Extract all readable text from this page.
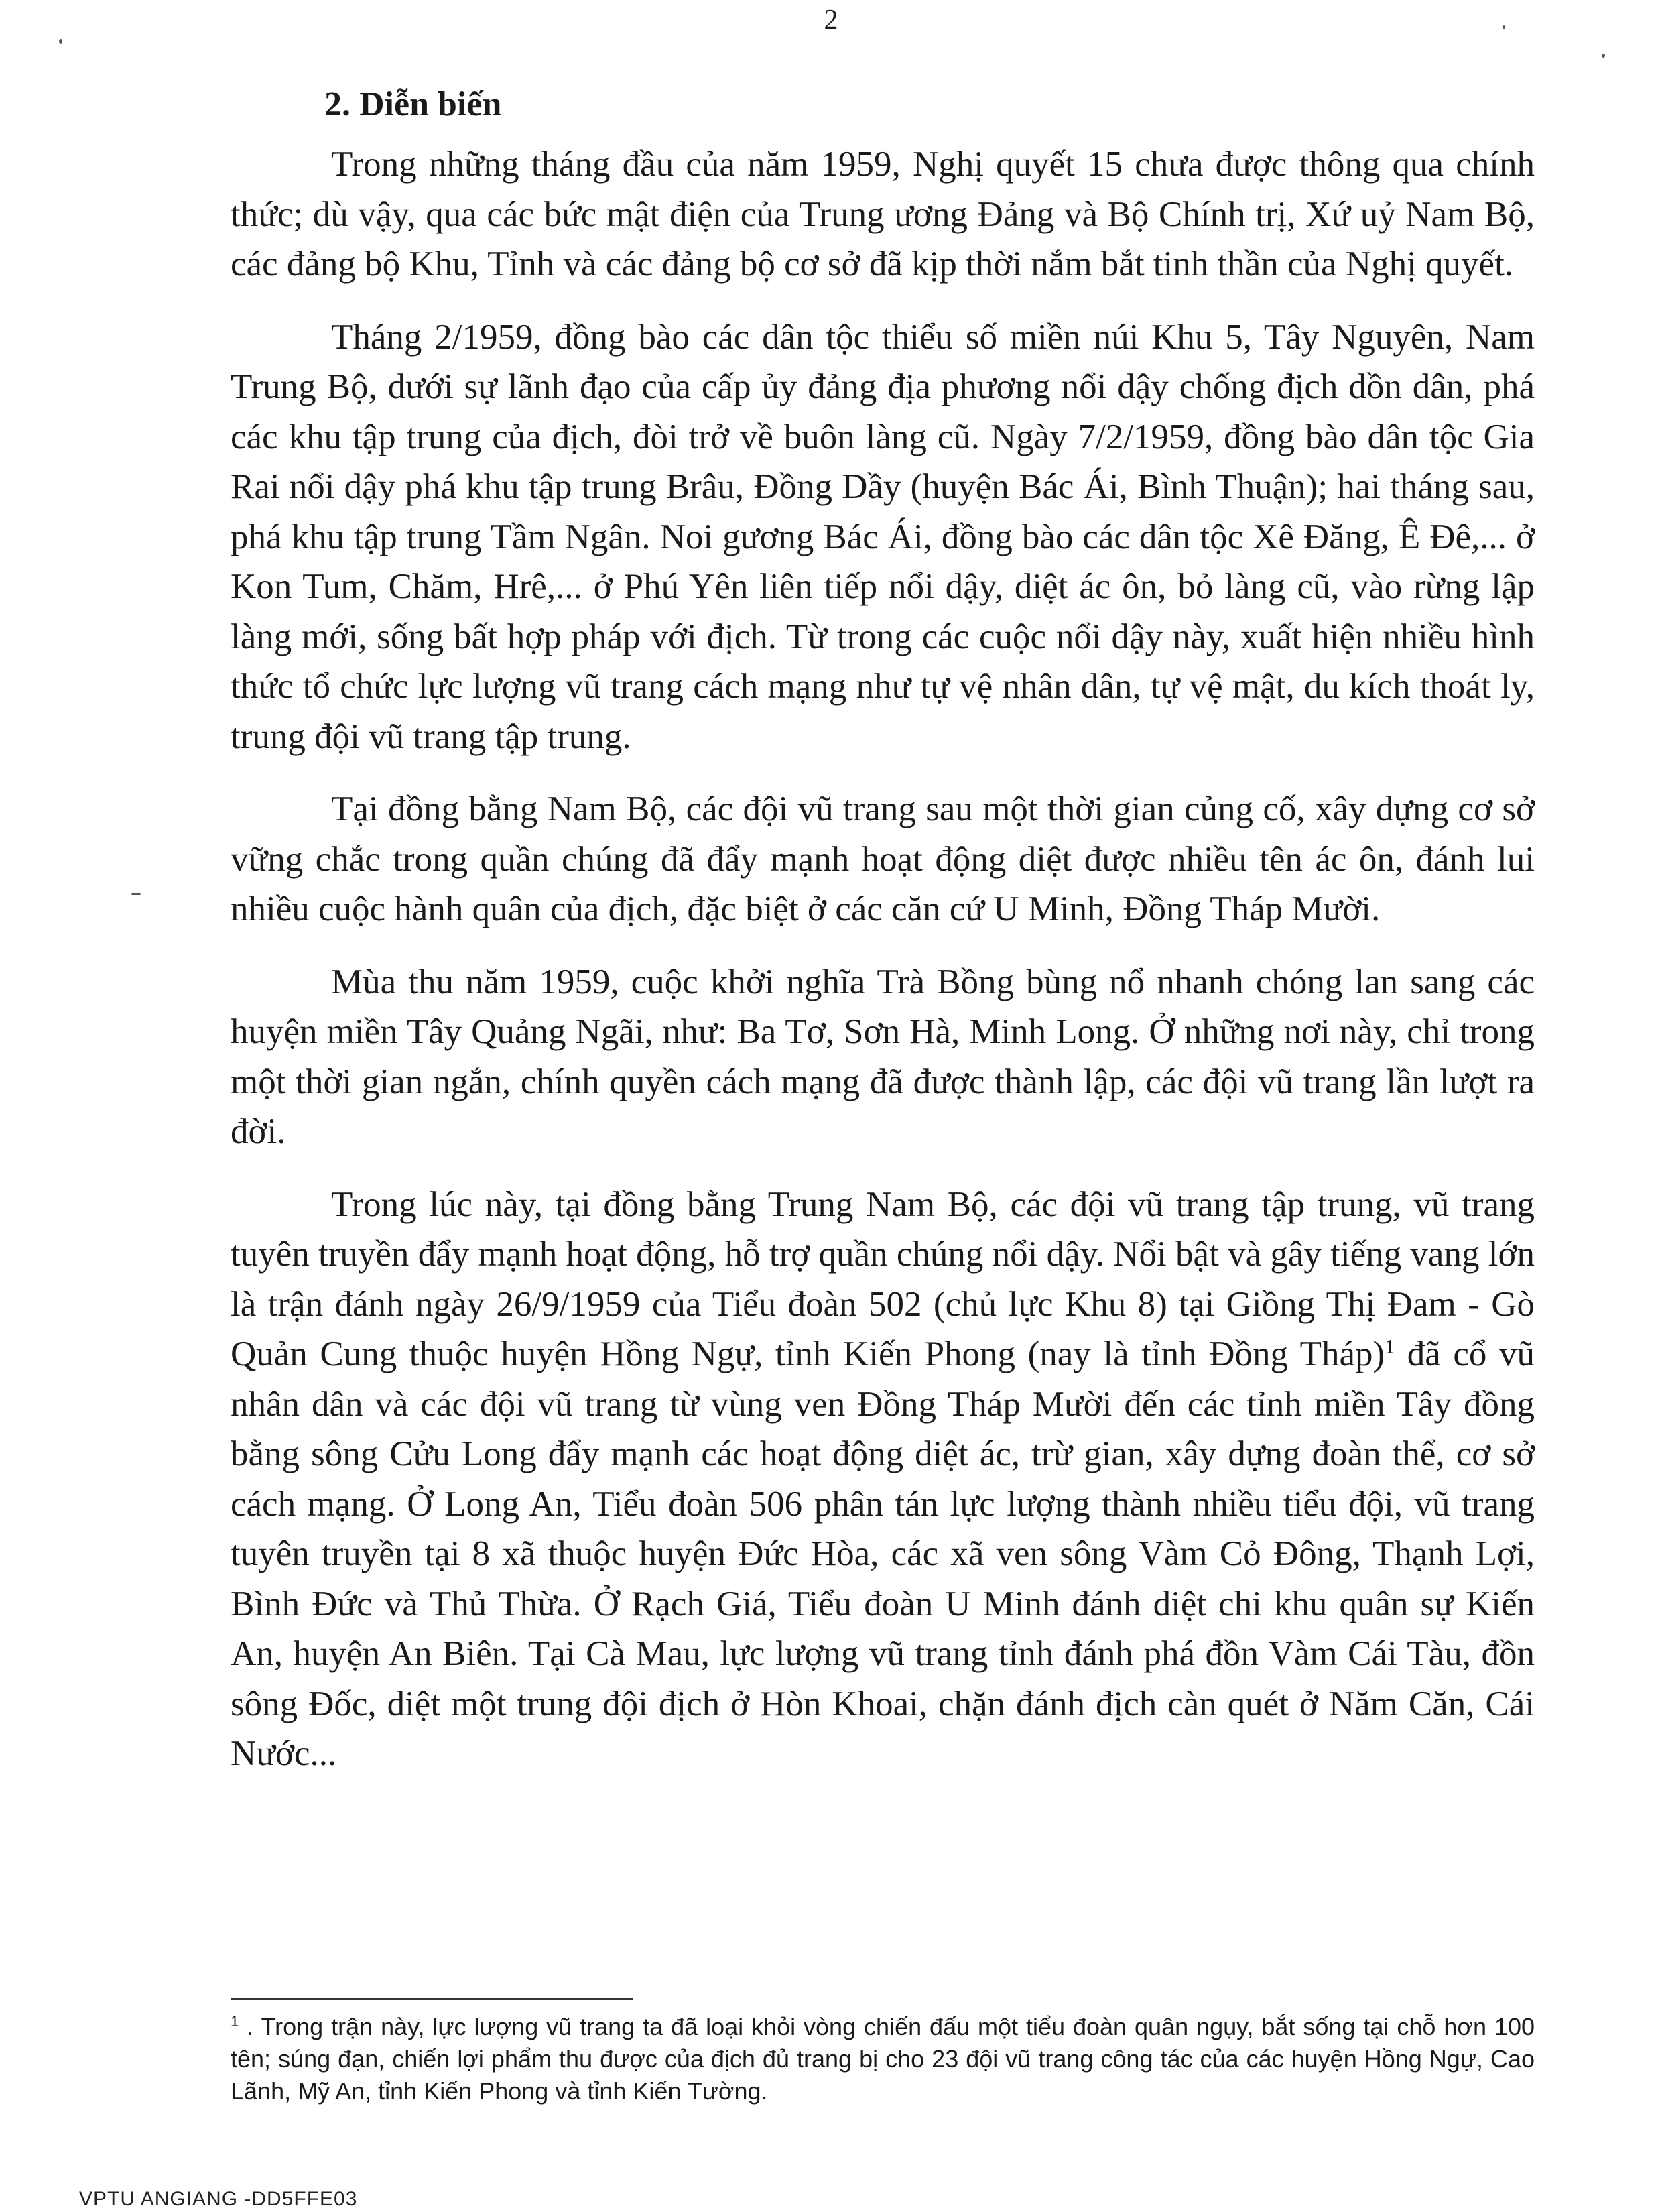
2
2. Diễn biến

Trong những tháng đầu của năm 1959, Nghị quyết 15 chưa được thông qua chính thức; dù vậy, qua các bức mật điện của Trung ương Đảng và Bộ Chính trị, Xứ uỷ Nam Bộ, các đảng bộ Khu, Tỉnh và các đảng bộ cơ sở đã kịp thời nắm bắt tinh thần của Nghị quyết.

Tháng 2/1959, đồng bào các dân tộc thiểu số miền núi Khu 5, Tây Nguyên, Nam Trung Bộ, dưới sự lãnh đạo của cấp ủy đảng địa phương nổi dậy chống địch dồn dân, phá các khu tập trung của địch, đòi trở về buôn làng cũ. Ngày 7/2/1959, đồng bào dân tộc Gia Rai nổi dậy phá khu tập trung Brâu, Đồng Dầy (huyện Bác Ái, Bình Thuận); hai tháng sau, phá khu tập trung Tầm Ngân. Noi gương Bác Ái, đồng bào các dân tộc Xê Đăng, Ê Đê,... ở Kon Tum, Chăm, Hrê,... ở Phú Yên liên tiếp nổi dậy, diệt ác ôn, bỏ làng cũ, vào rừng lập làng mới, sống bất hợp pháp với địch. Từ trong các cuộc nổi dậy này, xuất hiện nhiều hình thức tổ chức lực lượng vũ trang cách mạng như tự vệ nhân dân, tự vệ mật, du kích thoát ly, trung đội vũ trang tập trung.

Tại đồng bằng Nam Bộ, các đội vũ trang sau một thời gian củng cố, xây dựng cơ sở vững chắc trong quần chúng đã đẩy mạnh hoạt động diệt được nhiều tên ác ôn, đánh lui nhiều cuộc hành quân của địch, đặc biệt ở các căn cứ U Minh, Đồng Tháp Mười.

Mùa thu năm 1959, cuộc khởi nghĩa Trà Bồng bùng nổ nhanh chóng lan sang các huyện miền Tây Quảng Ngãi, như: Ba Tơ, Sơn Hà, Minh Long. Ở những nơi này, chỉ trong một thời gian ngắn, chính quyền cách mạng đã được thành lập, các đội vũ trang lần lượt ra đời.

Trong lúc này, tại đồng bằng Trung Nam Bộ, các đội vũ trang tập trung, vũ trang tuyên truyền đẩy mạnh hoạt động, hỗ trợ quần chúng nổi dậy. Nổi bật và gây tiếng vang lớn là trận đánh ngày 26/9/1959 của Tiểu đoàn 502 (chủ lực Khu 8) tại Giồng Thị Đam - Gò Quản Cung thuộc huyện Hồng Ngự, tỉnh Kiến Phong (nay là tỉnh Đồng Tháp)$^1$ đã cổ vũ nhân dân và các đội vũ trang từ vùng ven Đồng Tháp Mười đến các tỉnh miền Tây đồng bằng sông Cửu Long đẩy mạnh các hoạt động diệt ác, trừ gian, xây dựng đoàn thể, cơ sở cách mạng. Ở Long An, Tiểu đoàn 506 phân tán lực lượng thành nhiều tiểu đội, vũ trang tuyên truyền tại 8 xã thuộc huyện Đức Hòa, các xã ven sông Vàm Cỏ Đông, Thạnh Lợi, Bình Đức và Thủ Thừa. Ở Rạch Giá, Tiểu đoàn U Minh đánh diệt chi khu quân sự Kiến An, huyện An Biên. Tại Cà Mau, lực lượng vũ trang tỉnh đánh phá đồn Vàm Cái Tàu, đồn sông Đốc, diệt một trung đội địch ở Hòn Khoai, chặn đánh địch càn quét ở Năm Căn, Cái Nước...

$^1$ . Trong trận này, lực lượng vũ trang ta đã loại khỏi vòng chiến đấu một tiểu đoàn quân ngụy, bắt sống tại chỗ hơn 100 tên; súng đạn, chiến lợi phẩm thu được của địch đủ trang bị cho 23 đội vũ trang công tác của các huyện Hồng Ngự, Cao Lãnh, Mỹ An, tỉnh Kiến Phong và tỉnh Kiến Tường.
VPTU ANGIANG -DD5FFE03
